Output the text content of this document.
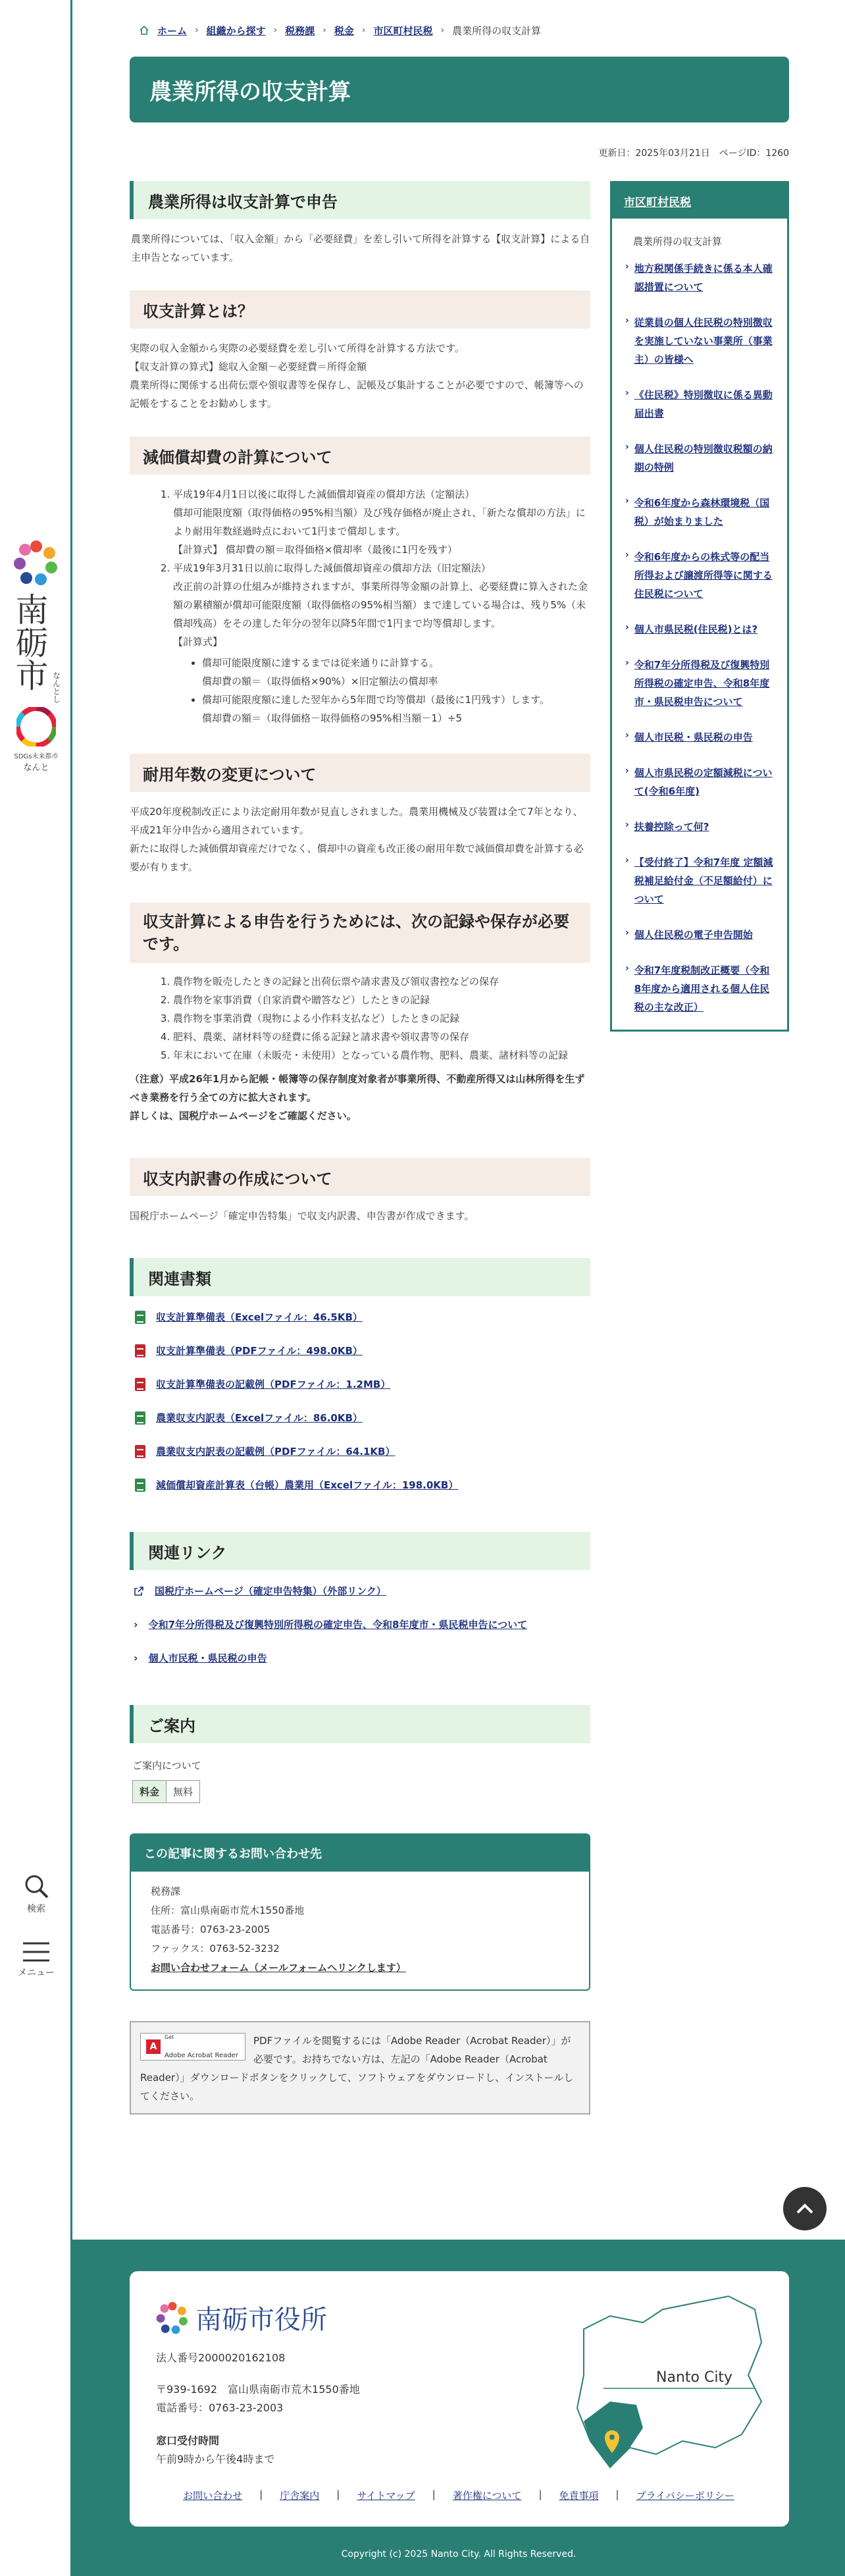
南砺市 なんとし
SDGs未来都市
なんと
検索
メニュー
ホーム › 組織から探す › 税務課 › 税金 › 市区町村民税 › 農業所得の収支計算
農業所得の収支計算
更新日：2025年03月21日　ページID：1260
農業所得は収支計算で申告

農業所得については、「収入金額」から「必要経費」を差し引いて所得を計算する【収支計算】による自主申告となっています。

収支計算とは？

実際の収入金額から実際の必要経費を差し引いて所得を計算する方法です。

【収支計算の算式】総収入金額－必要経費＝所得金額

農業所得に関係する出荷伝票や領収書等を保存し、記帳及び集計することが必要ですので、帳簿等への記帳をすることをお勧めします。

減価償却費の計算について
1. 平成19年4月1日以後に取得した減価償却資産の償却方法（定額法）
償却可能限度額（取得価格の95%相当額）及び残存価格が廃止され、「新たな償却の方法」により耐用年数経過時点において1円まで償却します。
【計算式】 償却費の額＝取得価格×償却率（最後に1円を残す）
2. 平成19年3月31日以前に取得した減価償却資産の償却方法（旧定額法）
改正前の計算の仕組みが維持されますが、事業所得等金額の計算上、必要経費に算入された金額の累積額が償却可能限度額（取得価格の95%相当額）まで達している場合は、残り5%（未償却残高）をその達した年分の翌年以降5年間で1円まで均等償却します。
【計算式】
• 償却可能限度額に達するまでは従来通りに計算する。
償却費の額＝（取得価格×90%）×旧定額法の償却率
• 償却可能限度額に達した翌年から5年間で均等償却（最後に1円残す）します。
償却費の額＝（取得価格－取得価格の95%相当額－1）÷5
耐用年数の変更について

平成20年度税制改正により法定耐用年数が見直しされました。農業用機械及び装置は全て7年となり、平成21年分申告から適用されています。

新たに取得した減価償却資産だけでなく、償却中の資産も改正後の耐用年数で減価償却費を計算する必要が有ります。

収支計算による申告を行うためには、次の記録や保存が必要です。
1. 農作物を販売したときの記録と出荷伝票や請求書及び領収書控などの保存
2. 農作物を家事消費（自家消費や贈答など）したときの記録
3. 農作物を事業消費（現物による小作料支払など）したときの記録
4. 肥料、農薬、諸材料等の経費に係る記録と請求書や領収書等の保存
5. 年末において在庫（未販売・未使用）となっている農作物、肥料、農薬、諸材料等の記録

（注意）平成26年1月から記帳・帳簿等の保存制度対象者が事業所得、不動産所得又は山林所得を生ずべき業務を行う全ての方に拡大されます。

詳しくは、国税庁ホームページをご確認ください。

収支内訳書の作成について

国税庁ホームページ「確定申告特集」で収支内訳書、申告書が作成できます。

関連書類
収支計算準備表（Excelファイル：46.5KB）
収支計算準備表（PDFファイル：498.0KB）
収支計算準備表の記載例（PDFファイル：1.2MB）
農業収支内訳表（Excelファイル：86.0KB）
農業収支内訳表の記載例（PDFファイル：64.1KB）
減価償却資産計算表（台帳）農業用（Excelファイル：198.0KB）
関連リンク
国税庁ホームページ（確定申告特集）（外部リンク）
› 令和7年分所得税及び復興特別所得税の確定申告、令和8年度市・県民税申告について
› 個人市民税・県民税の申告
ご案内

ご案内について

料金	無料
この記事に関するお問い合わせ先

税務課

住所：富山県南砺市荒木1550番地

電話番号：0763-23-2005

ファックス：0763-52-3232

お問い合わせフォーム（メールフォームへリンクします）
A
Get
Adobe Acrobat Reader
PDFファイルを閲覧するには「Adobe Reader（Acrobat Reader）」が必要です。お持ちでない方は、左記の「Adobe Reader（Acrobat Reader）」ダウンロードボタンをクリックして、ソフトウェアをダウンロードし、インストールしてください。
市区町村民税
農業所得の収支計算
› 地方税関係手続きに係る本人確認措置について
› 従業員の個人住民税の特別徴収を実施していない事業所（事業主）の皆様へ
› 《住民税》特別徴収に係る異動届出書
› 個人住民税の特別徴収税額の納期の特例
› 令和6年度から森林環境税（国税）が始まりました
› 令和6年度からの株式等の配当所得および譲渡所得等に関する住民税について
› 個人市県民税(住民税)とは?
› 令和7年分所得税及び復興特別所得税の確定申告、令和8年度市・県民税申告について
› 個人市民税・県民税の申告
› 個人市県民税の定額減税について(令和6年度)
› 扶養控除って何?
› 【受付終了】令和7年度 定額減税補足給付金（不足額給付）について
› 個人住民税の電子申告開始
› 令和7年度税制改正概要（令和8年度から適用される個人住民税の主な改正）
南砺市役所

法人番号2000020162108

〒939-1692　富山県南砺市荒木1550番地

電話番号：0763-23-2003

窓口受付時間

午前9時から午後4時まで

Nanto City
お問い合わせ	|	庁舎案内	|	サイトマップ	|	著作権について	|	免責事項	|	プライバシーポリシー
Copyright (c) 2025 Nanto City. All Rights Reserved.
